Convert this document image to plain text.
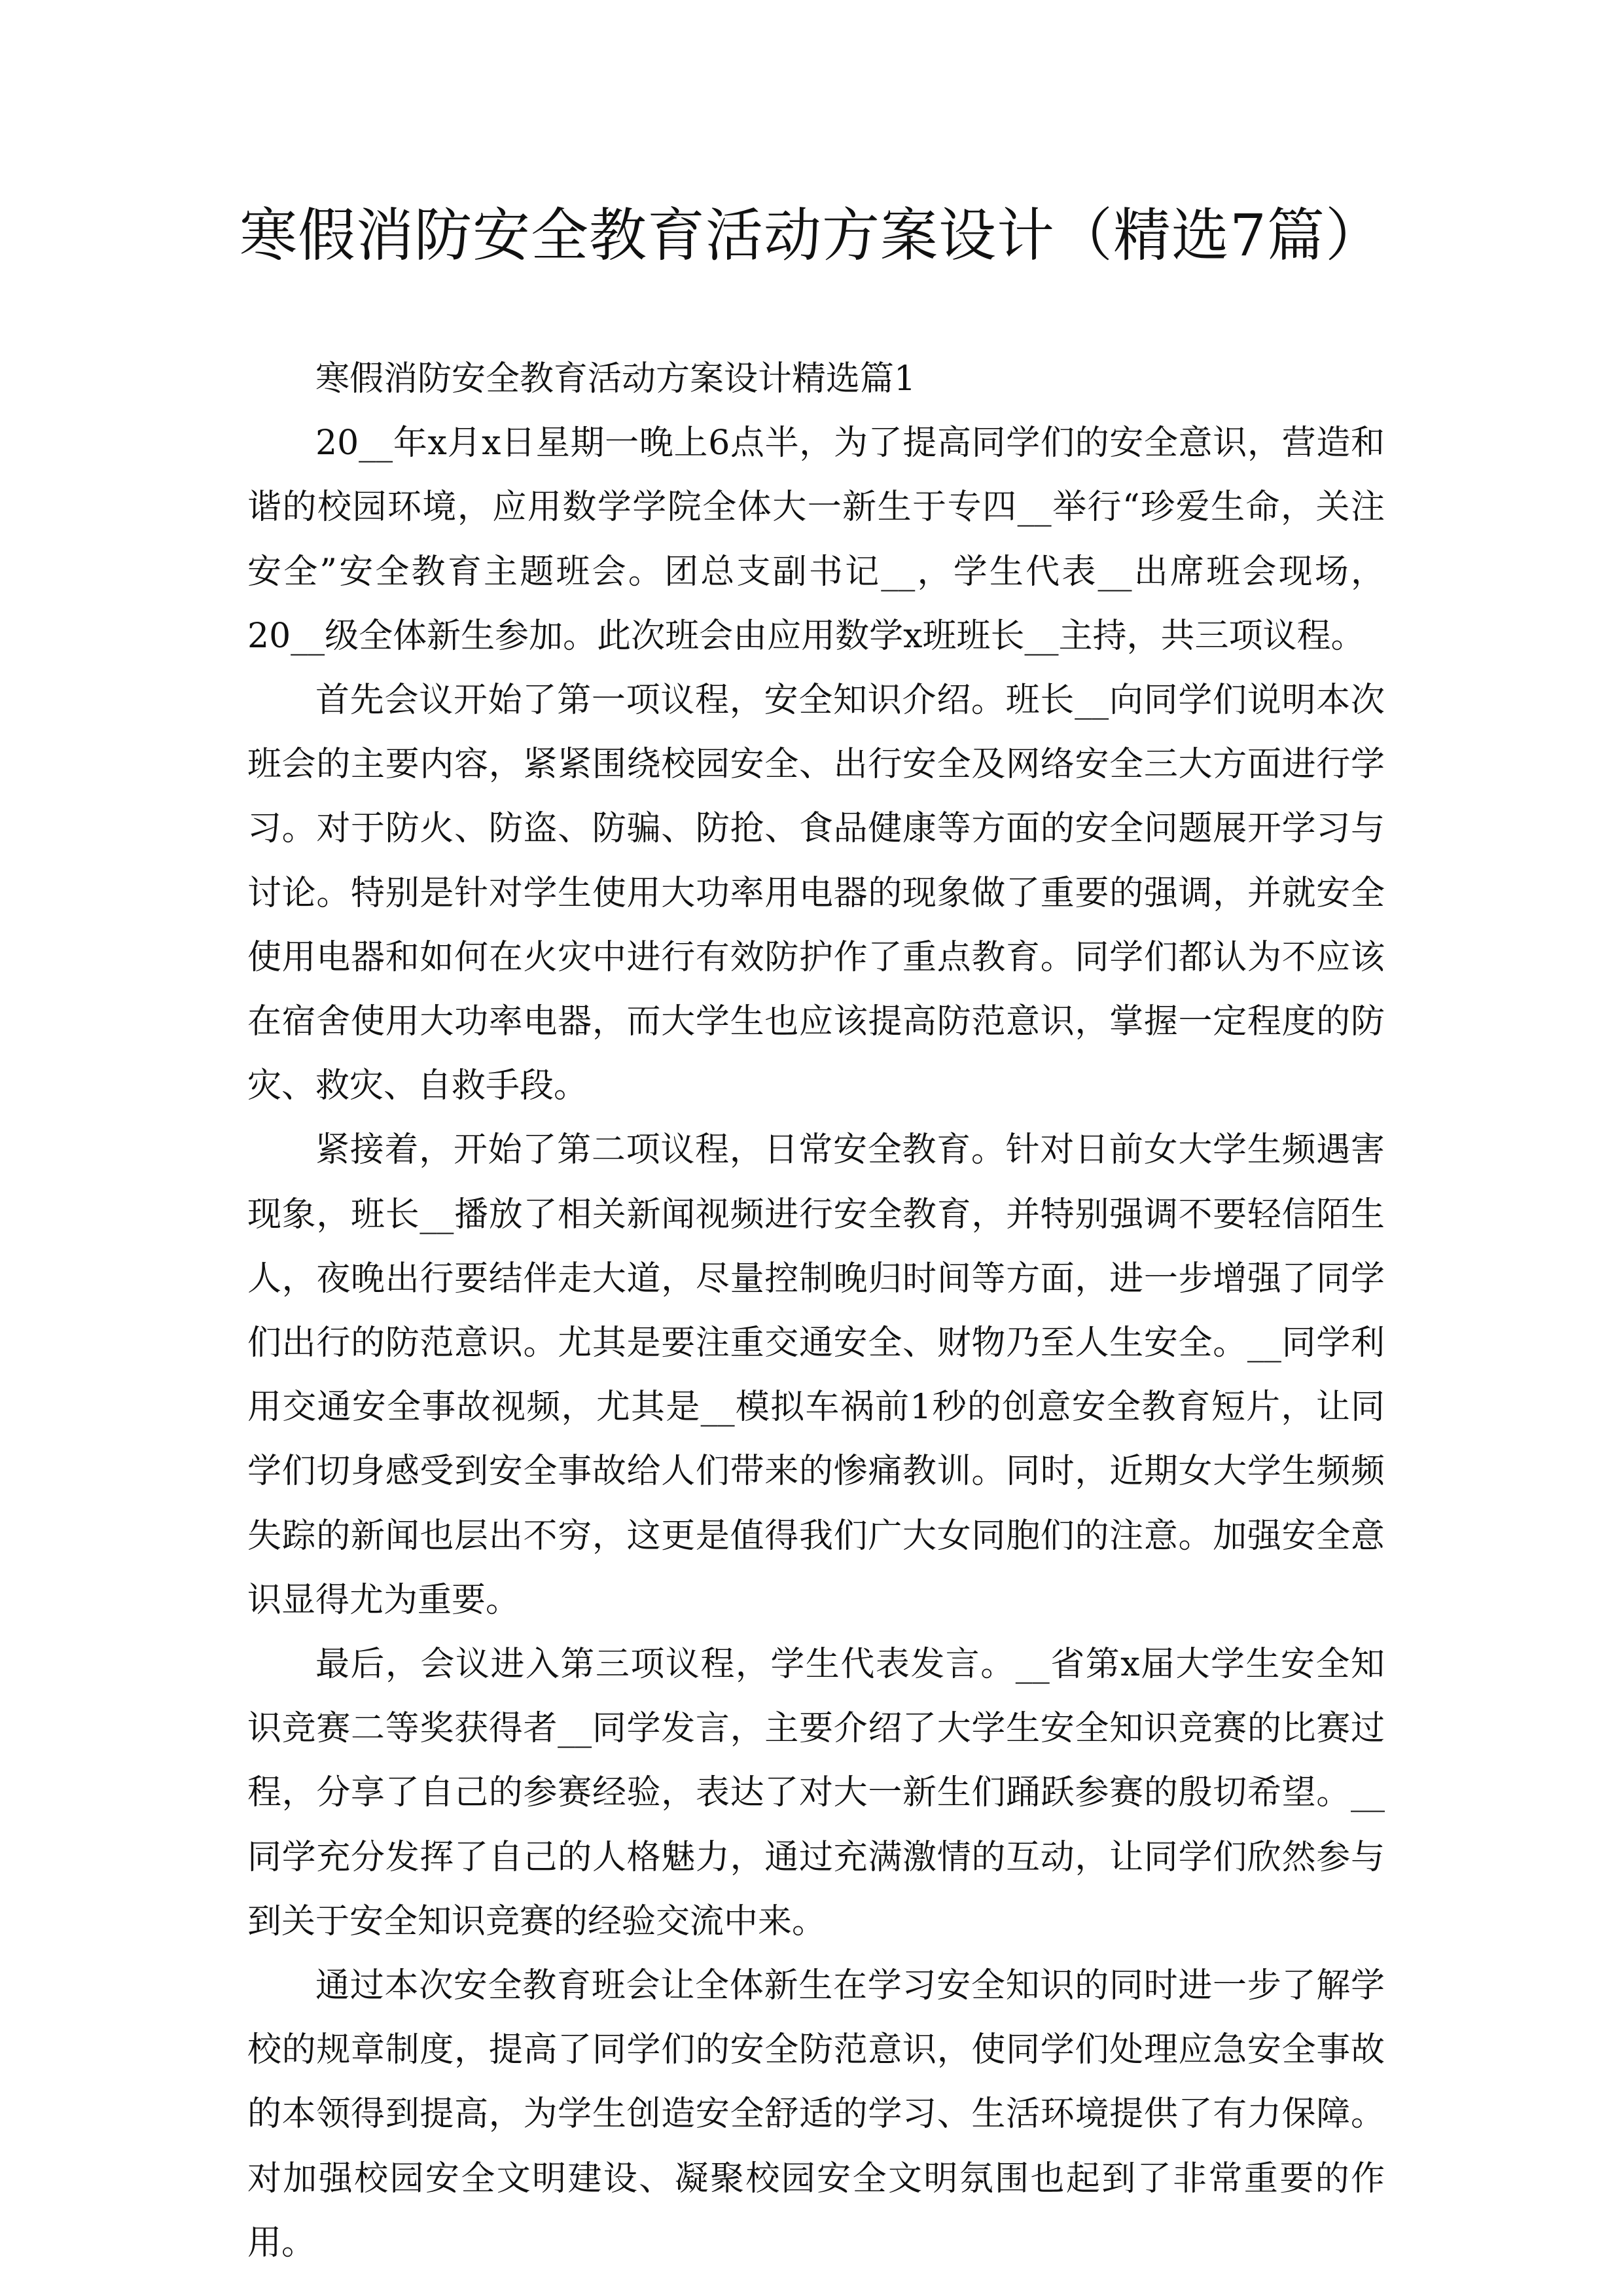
寒假消防安全教育活动方案设计（精选7篇）

寒假消防安全教育活动方案设计精选篇1

20__年x月x日星期一晚上6点半，为了提高同学们的安全意识，营造和谐的校园环境，应用数学学院全体大一新生于专四__举行“珍爱生命，关注安全”安全教育主题班会。团总支副书记__，学生代表__出席班会现场，20__级全体新生参加。此次班会由应用数学x班班长__主持，共三项议程。

首先会议开始了第一项议程，安全知识介绍。班长__向同学们说明本次班会的主要内容，紧紧围绕校园安全、出行安全及网络安全三大方面进行学习。对于防火、防盗、防骗、防抢、食品健康等方面的安全问题展开学习与讨论。特别是针对学生使用大功率用电器的现象做了重要的强调，并就安全使用电器和如何在火灾中进行有效防护作了重点教育。同学们都认为不应该在宿舍使用大功率电器，而大学生也应该提高防范意识，掌握一定程度的防灾、救灾、自救手段。

紧接着，开始了第二项议程，日常安全教育。针对日前女大学生频遇害现象，班长__播放了相关新闻视频进行安全教育，并特别强调不要轻信陌生人，夜晚出行要结伴走大道，尽量控制晚归时间等方面，进一步增强了同学们出行的防范意识。尤其是要注重交通安全、财物乃至人生安全。__同学利用交通安全事故视频，尤其是__模拟车祸前1秒的创意安全教育短片，让同学们切身感受到安全事故给人们带来的惨痛教训。同时，近期女大学生频频失踪的新闻也层出不穷，这更是值得我们广大女同胞们的注意。加强安全意识显得尤为重要。

最后，会议进入第三项议程，学生代表发言。__省第x届大学生安全知识竞赛二等奖获得者__同学发言，主要介绍了大学生安全知识竞赛的比赛过程，分享了自己的参赛经验，表达了对大一新生们踊跃参赛的殷切希望。__同学充分发挥了自己的人格魅力，通过充满激情的互动，让同学们欣然参与到关于安全知识竞赛的经验交流中来。

通过本次安全教育班会让全体新生在学习安全知识的同时进一步了解学校的规章制度，提高了同学们的安全防范意识，使同学们处理应急安全事故的本领得到提高，为学生创造安全舒适的学习、生活环境提供了有力保障。对加强校园安全文明建设、凝聚校园安全文明氛围也起到了非常重要的作用。
